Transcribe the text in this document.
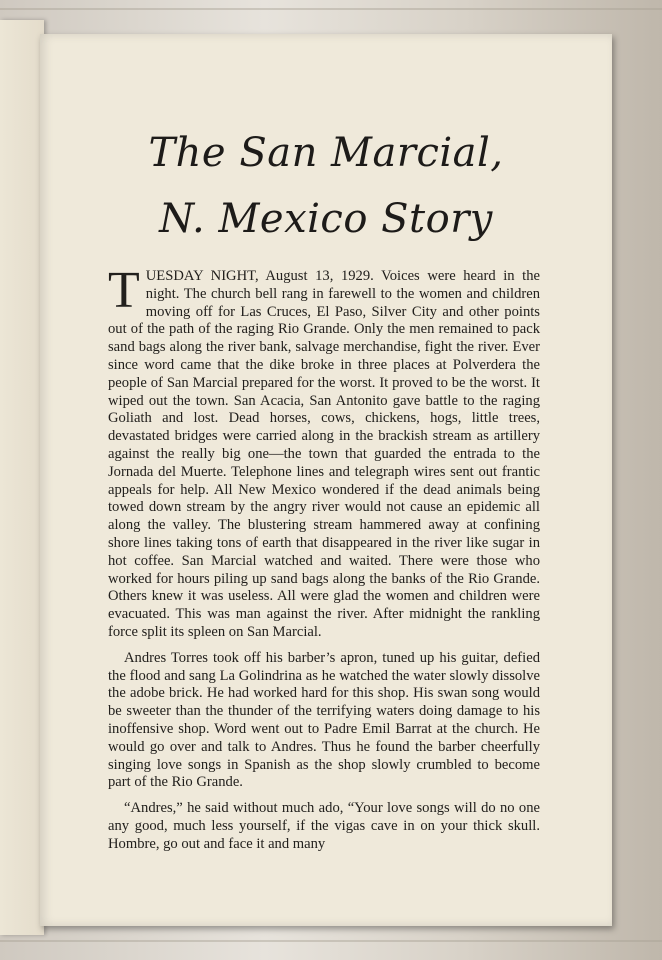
The San Marcial,
N. Mexico Story

TUESDAY NIGHT, August 13, 1929. Voices were heard in the night. The church bell rang in farewell to the women and children moving off for Las Cruces, El Paso, Silver City and other points out of the path of the raging Rio Grande. Only the men remained to pack sand bags along the river bank, salvage merchandise, fight the river. Ever since word came that the dike broke in three places at Polverdera the people of San Marcial prepared for the worst. It proved to be the worst. It wiped out the town. San Acacia, San Antonito gave battle to the raging Goliath and lost. Dead horses, cows, chickens, hogs, little trees, devastated bridges were carried along in the brackish stream as artillery against the really big one—the town that guarded the entrada to the Jornada del Muerte. Telephone lines and telegraph wires sent out frantic appeals for help. All New Mexico wondered if the dead animals being towed down stream by the angry river would not cause an epidemic all along the valley. The blustering stream hammered away at confining shore lines taking tons of earth that disappeared in the river like sugar in hot coffee. San Marcial watched and waited. There were those who worked for hours piling up sand bags along the banks of the Rio Grande. Others knew it was useless. All were glad the women and children were evacuated. This was man against the river. After midnight the rankling force split its spleen on San Marcial.

Andres Torres took off his barber’s apron, tuned up his guitar, defied the flood and sang La Golindrina as he watched the water slowly dissolve the adobe brick. He had worked hard for this shop. His swan song would be sweeter than the thunder of the terrifying waters doing damage to his inoffensive shop. Word went out to Padre Emil Barrat at the church. He would go over and talk to Andres. Thus he found the barber cheerfully singing love songs in Spanish as the shop slowly crumbled to become part of the Rio Grande.

“Andres,” he said without much ado, “Your love songs will do no one any good, much less yourself, if the vigas cave in on your thick skull. Hombre, go out and face it and many
